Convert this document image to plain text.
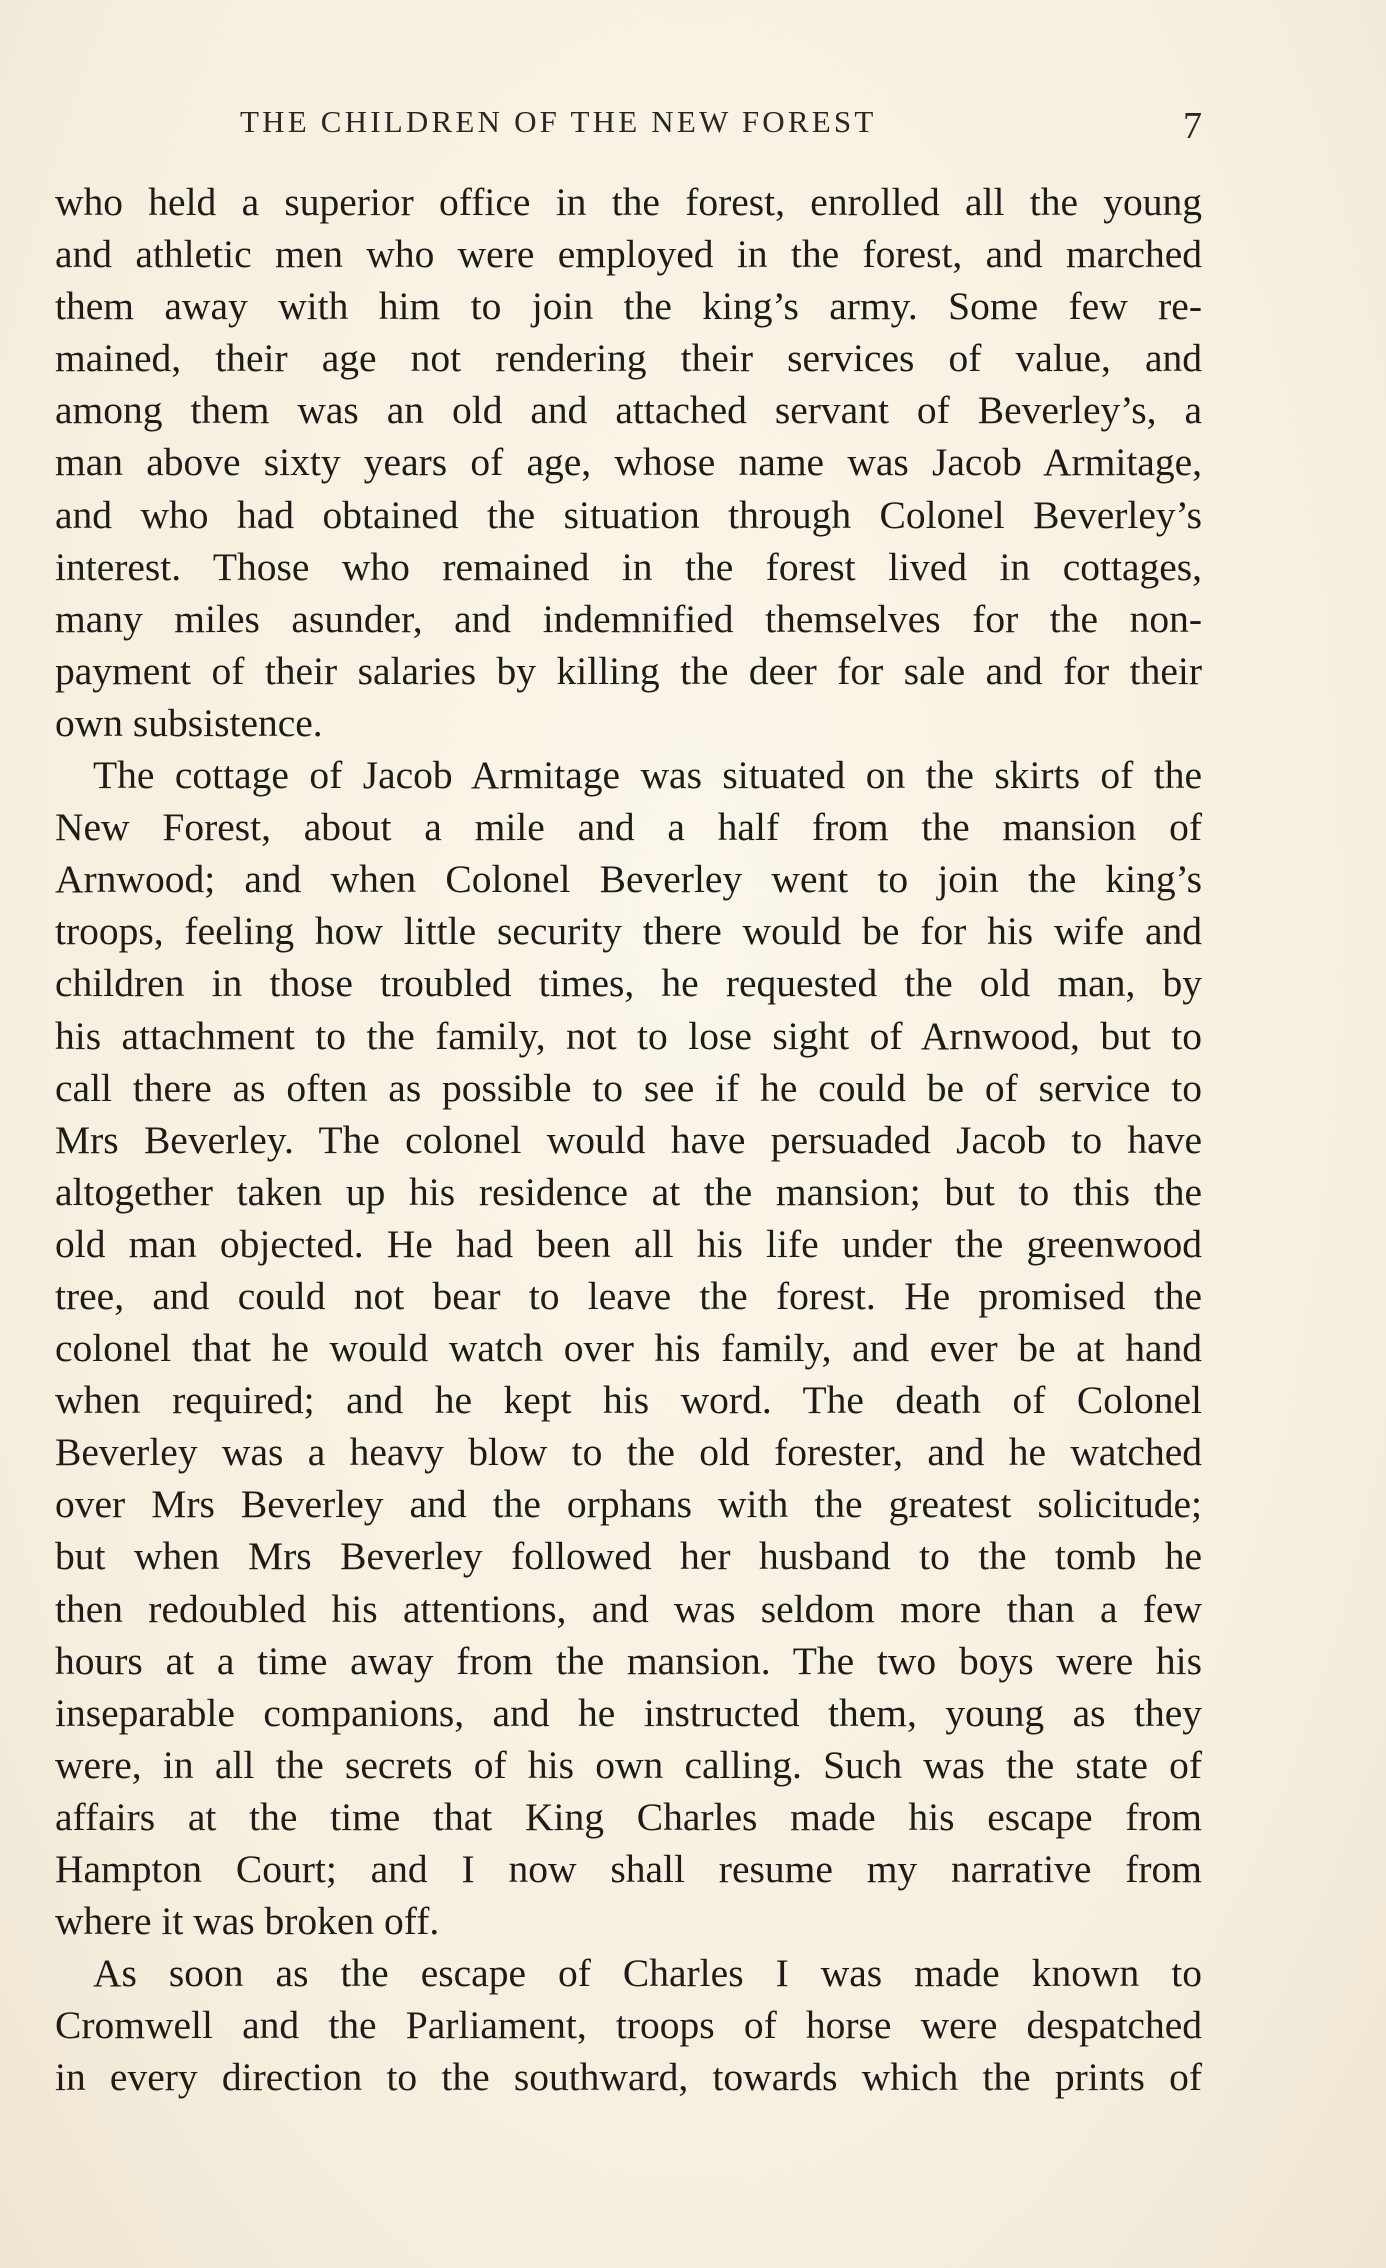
THE CHILDREN OF THE NEW FOREST	7
who held a superior office in the forest, enrolled all the young
and athletic men who were employed in the forest, and marched
them away with him to join the king’s army. Some few re-
mained, their age not rendering their services of value, and
among them was an old and attached servant of Beverley’s, a
man above sixty years of age, whose name was Jacob Armitage,
and who had obtained the situation through Colonel Beverley’s
interest. Those who remained in the forest lived in cottages,
many miles asunder, and indemnified themselves for the non-
payment of their salaries by killing the deer for sale and for their
own subsistence.
The cottage of Jacob Armitage was situated on the skirts of the
New Forest, about a mile and a half from the mansion of
Arnwood; and when Colonel Beverley went to join the king’s
troops, feeling how little security there would be for his wife and
children in those troubled times, he requested the old man, by
his attachment to the family, not to lose sight of Arnwood, but to
call there as often as possible to see if he could be of service to
Mrs Beverley. The colonel would have persuaded Jacob to have
altogether taken up his residence at the mansion; but to this the
old man objected. He had been all his life under the greenwood
tree, and could not bear to leave the forest. He promised the
colonel that he would watch over his family, and ever be at hand
when required; and he kept his word. The death of Colonel
Beverley was a heavy blow to the old forester, and he watched
over Mrs Beverley and the orphans with the greatest solicitude;
but when Mrs Beverley followed her husband to the tomb he
then redoubled his attentions, and was seldom more than a few
hours at a time away from the mansion. The two boys were his
inseparable companions, and he instructed them, young as they
were, in all the secrets of his own calling. Such was the state of
affairs at the time that King Charles made his escape from
Hampton Court; and I now shall resume my narrative from
where it was broken off.
As soon as the escape of Charles I was made known to
Cromwell and the Parliament, troops of horse were despatched
in every direction to the southward, towards which the prints of
